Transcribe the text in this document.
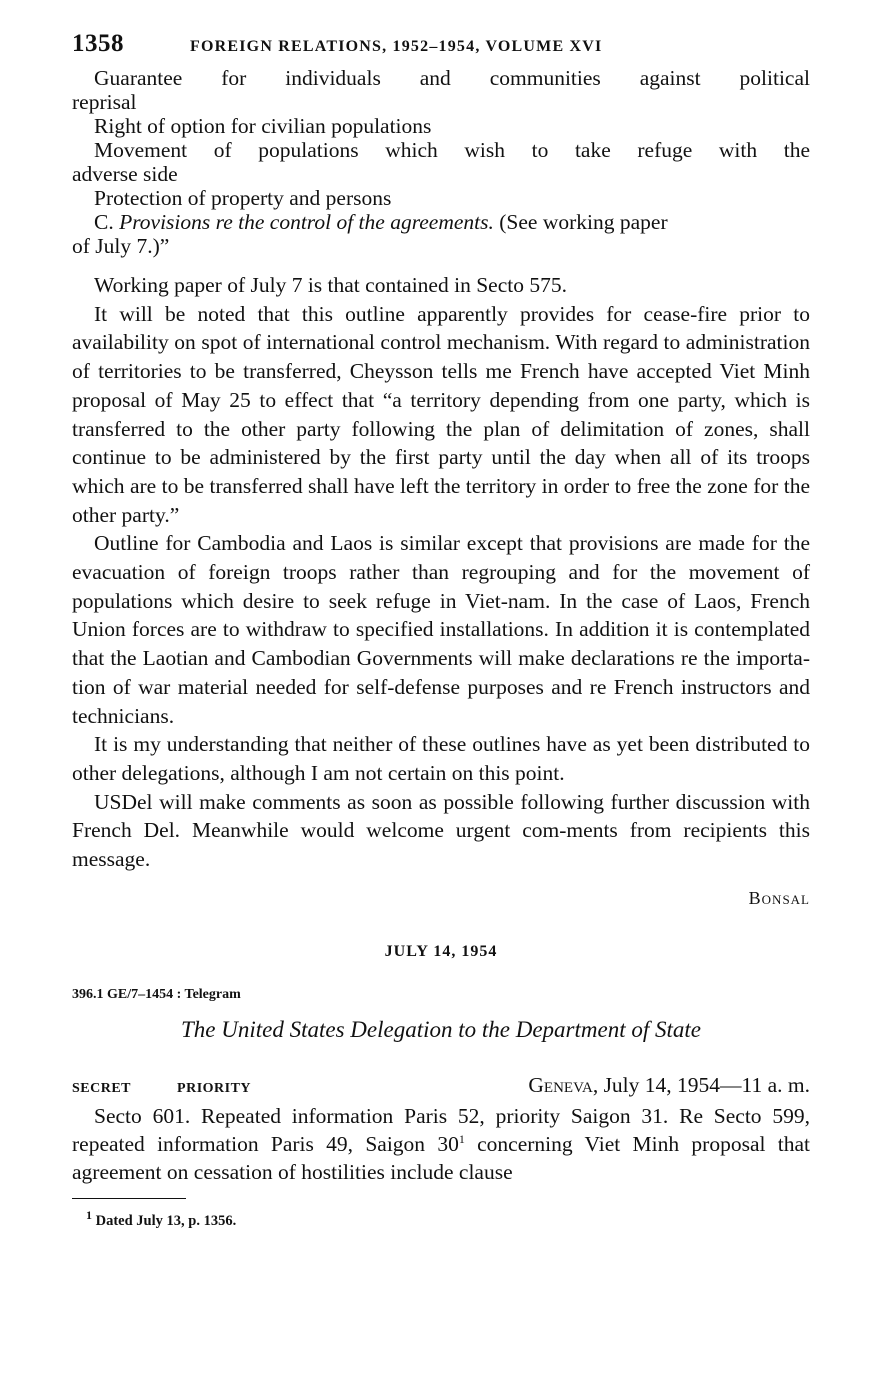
1358	FOREIGN RELATIONS, 1952–1954, VOLUME XVI
Guarantee for individuals and communities against political
reprisal
Right of option for civilian populations
Movement of populations which wish to take refuge with the
adverse side
Protection of property and persons
C. Provisions re the control of the agreements. (See working paper
of July 7.)”

Working paper of July 7 is that contained in Secto 575.

It will be noted that this outline apparently provides for cease-fire prior to availability on spot of international control mechanism. With regard to administration of territories to be transferred, Cheysson tells me French have accepted Viet Minh proposal of May 25 to effect that “a territory depending from one party, which is transferred to the other party following the plan of delimitation of zones, shall continue to be administered by the first party until the day when all of its troops which are to be transferred shall have left the territory in order to free the zone for the other party.”

Outline for Cambodia and Laos is similar except that provisions are made for the evacuation of foreign troops rather than regrouping and for the movement of populations which desire to seek refuge in Viet-nam. In the case of Laos, French Union forces are to withdraw to specified installations. In addition it is contemplated that the Laotian and Cambodian Governments will make declarations re the importa-tion of war material needed for self-defense purposes and re French instructors and technicians.

It is my understanding that neither of these outlines have as yet been distributed to other delegations, although I am not certain on this point.

USDel will make comments as soon as possible following further discussion with French Del. Meanwhile would welcome urgent com-ments from recipients this message.

Bonsal
JULY 14, 1954
396.1 GE/7–1454 : Telegram
The United States Delegation to the Department of State
SECRET	PRIORITY	Geneva, July 14, 1954—11 a. m.

Secto 601. Repeated information Paris 52, priority Saigon 31. Re Secto 599, repeated information Paris 49, Saigon $30^1$ concerning Viet Minh proposal that agreement on cessation of hostilities include clause

$^1$ Dated July 13, p. 1356.
